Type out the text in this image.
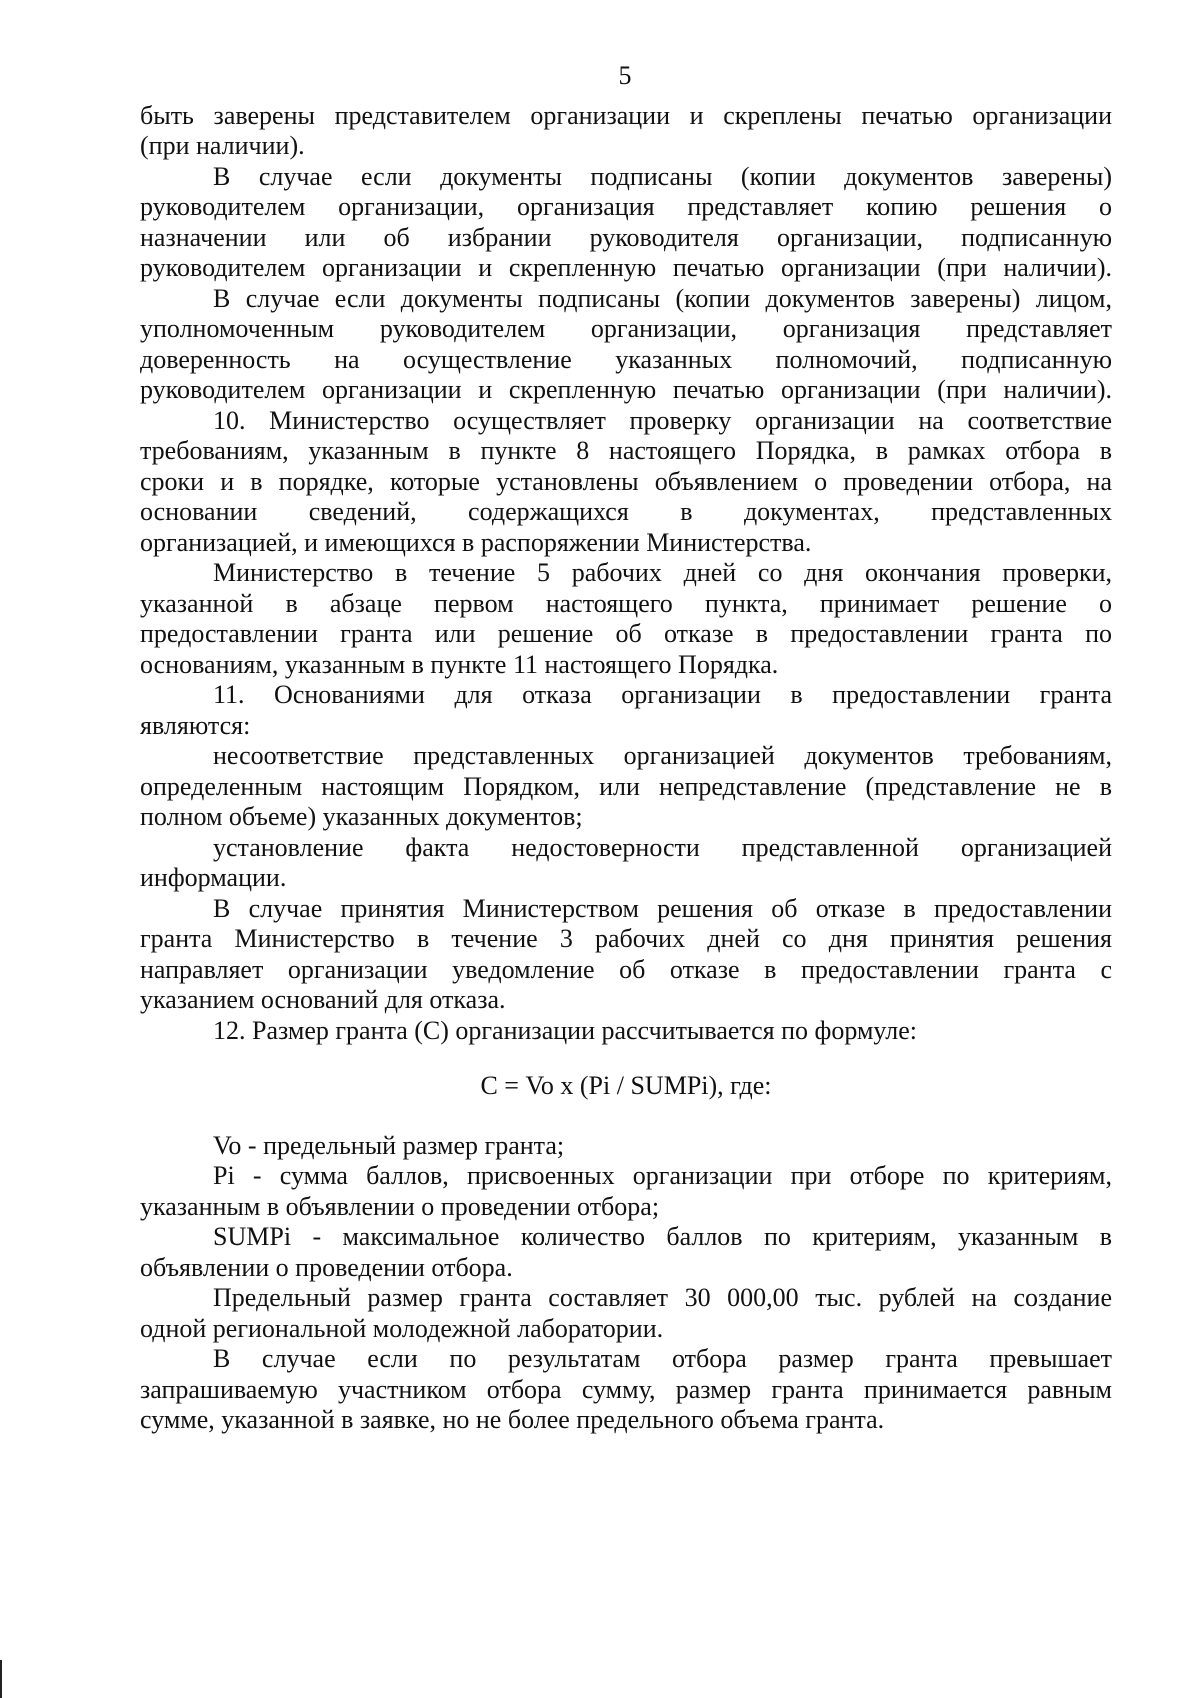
5
быть заверены представителем организации и скреплены печатью организации
(при наличии).
В случае если документы подписаны (копии документов заверены)
руководителем организации, организация представляет копию решения о
назначении или об избрании руководителя организации, подписанную
руководителем организации и скрепленную печатью организации (при наличии).
В случае если документы подписаны (копии документов заверены) лицом,
уполномоченным руководителем организации, организация представляет
доверенность на осуществление указанных полномочий, подписанную
руководителем организации и скрепленную печатью организации (при наличии).
10. Министерство осуществляет проверку организации на соответствие
требованиям, указанным в пункте 8 настоящего Порядка, в рамках отбора в
сроки и в порядке, которые установлены объявлением о проведении отбора, на
основании сведений, содержащихся в документах, представленных
организацией, и имеющихся в распоряжении Министерства.
Министерство в течение 5 рабочих дней со дня окончания проверки,
указанной в абзаце первом настоящего пункта, принимает решение о
предоставлении гранта или решение об отказе в предоставлении гранта по
основаниям, указанным в пункте 11 настоящего Порядка.
11. Основаниями для отказа организации в предоставлении гранта
являются:
несоответствие представленных организацией документов требованиям,
определенным настоящим Порядком, или непредставление (представление не в
полном объеме) указанных документов;
установление факта недостоверности представленной организацией
информации.
В случае принятия Министерством решения об отказе в предоставлении
гранта Министерство в течение 3 рабочих дней со дня принятия решения
направляет организации уведомление об отказе в предоставлении гранта с
указанием оснований для отказа.
12. Размер гранта (С) организации рассчитывается по формуле:
С = Vo x (Pi / SUMPi), где:
Vo - предельный размер гранта;
Pi - сумма баллов, присвоенных организации при отборе по критериям,
указанным в объявлении о проведении отбора;
SUMPi - максимальное количество баллов по критериям, указанным в
объявлении о проведении отбора.
Предельный размер гранта составляет 30 000,00 тыс. рублей на создание
одной региональной молодежной лаборатории.
В случае если по результатам отбора размер гранта превышает
запрашиваемую участником отбора сумму, размер гранта принимается равным
сумме, указанной в заявке, но не более предельного объема гранта.
